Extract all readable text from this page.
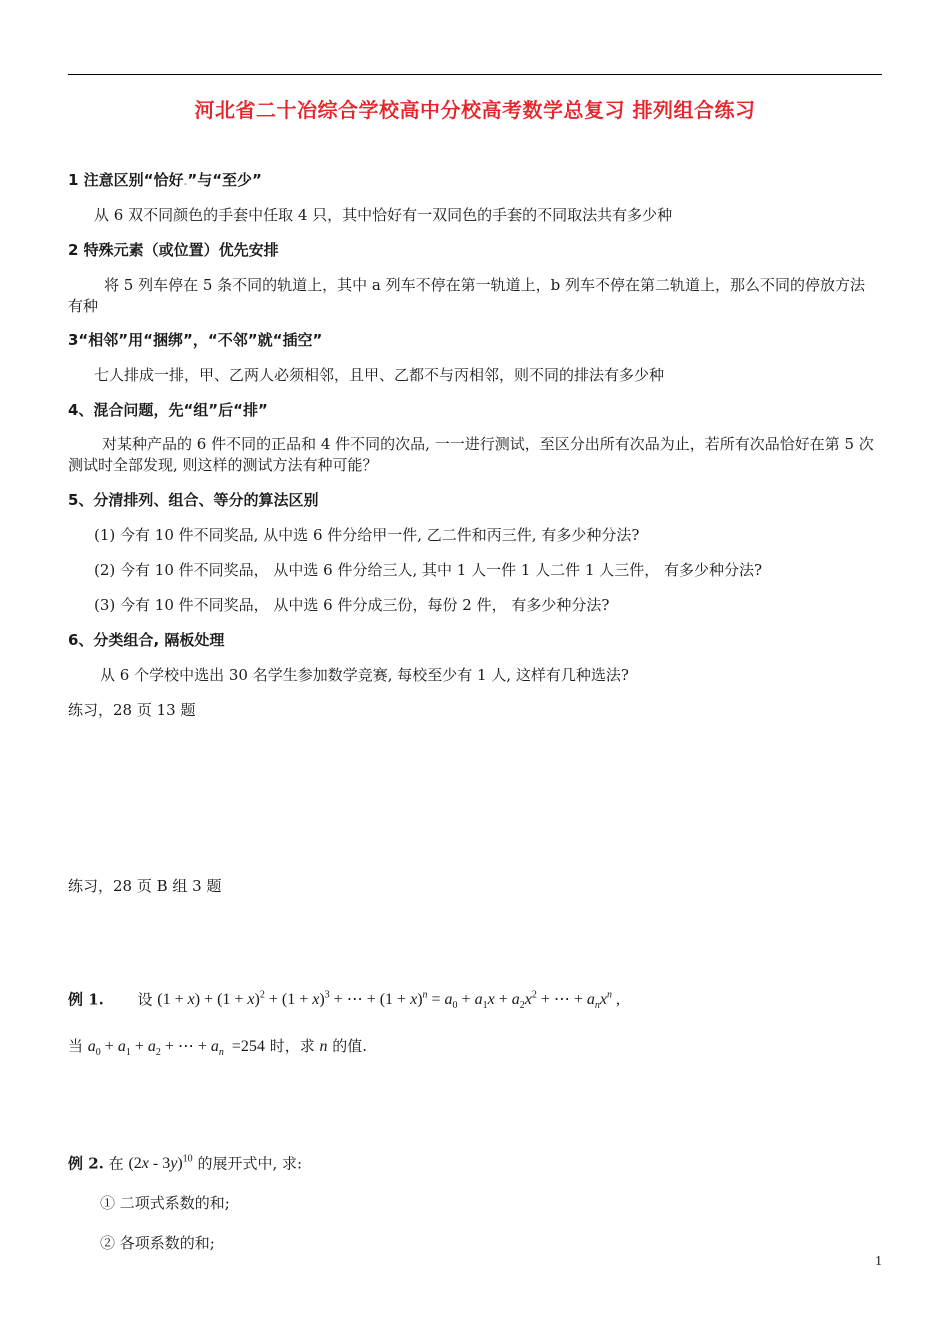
河北省二十冶综合学校高中分校高考数学总复习 排列组合练习
1 注意区别“恰好.”与“至少”
从 6 双不同颜色的手套中任取 4 只，其中恰好有一双同色的手套的不同取法共有多少种
2 特殊元素（或位置）优先安排
将 5 列车停在 5 条不同的轨道上，其中 a 列车不停在第一轨道上，b 列车不停在第二轨道上，那么不同的停放方法有种
3“相邻”用“捆绑”，“不邻”就“插空”
七人排成一排，甲、乙两人必须相邻，且甲、乙都不与丙相邻，则不同的排法有多少种
4、混合问题，先“组”后“排”
对某种产品的 6 件不同的正品和 4 件不同的次品, 一一进行测试，至区分出所有次品为止，若所有次品恰好在第 5 次测试时全部发现, 则这样的测试方法有种可能？
5、分清排列、组合、等分的算法区别
(1) 今有 10 件不同奖品, 从中选 6 件分给甲一件, 乙二件和丙三件, 有多少种分法?
(2) 今有 10 件不同奖品， 从中选 6 件分给三人, 其中 1 人一件 1 人二件 1 人三件， 有多少种分法?
(3) 今有 10 件不同奖品， 从中选 6 件分成三份，每份 2 件， 有多少种分法?
6、分类组合, 隔板处理
从 6 个学校中选出 30 名学生参加数学竞赛, 每校至少有 1 人, 这样有几种选法?
练习，28 页 13 题
练习，28 页 B 组 3 题
例 1. 设 $(1 + x) + (1 + x)^2 + (1 + x)^3$ + ⋯ + $(1 + x)^n = a_0 + a_1x + a_2x^2$ + ⋯ + $a_nx^n$ ,
当 $a_0 + a_1 + a_2$ + ⋯ + $a_n =254$ 时，求 n 的值.
例 2. 在 (2x - 3y)$^{10}$ 的展开式中, 求:
① 二项式系数的和;
② 各项系数的和;
1
